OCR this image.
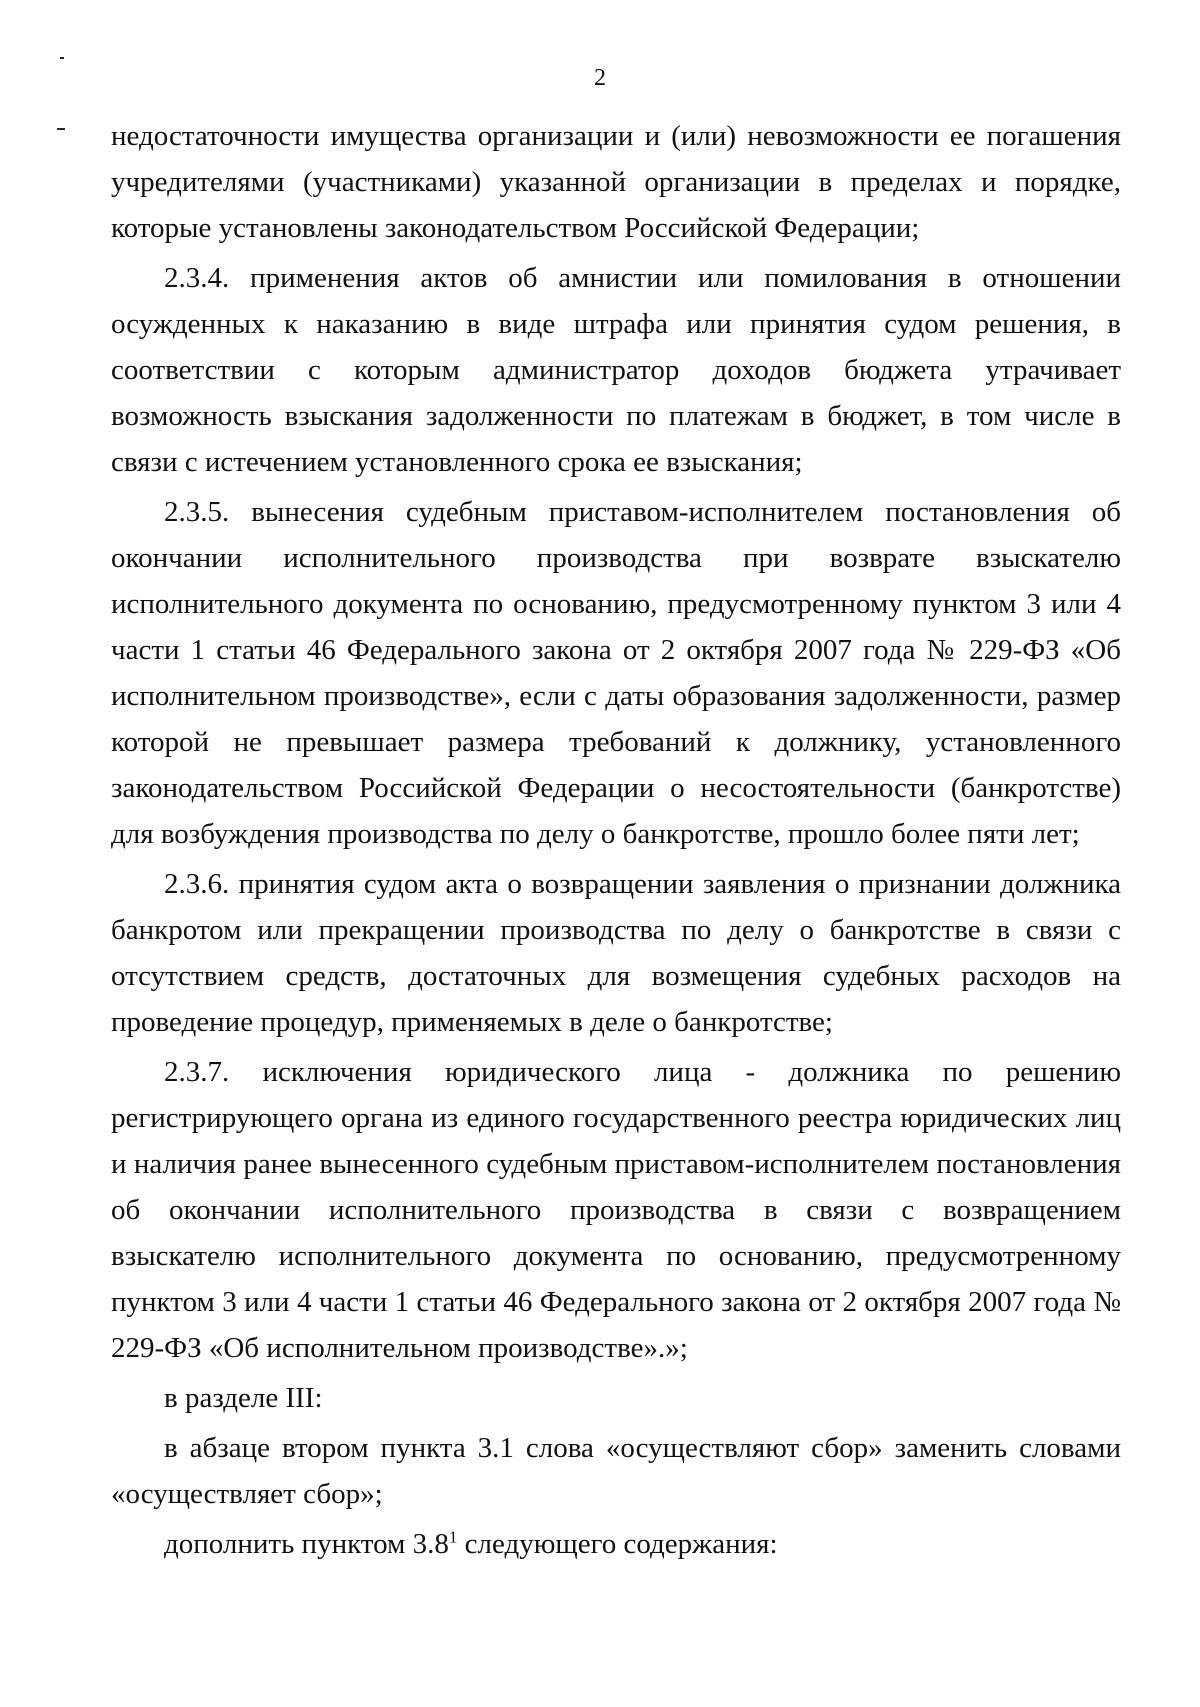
2

недостаточности имущества организации и (или) невозможности ее погашения учредителями (участниками) указанной организации в пределах и порядке, которые установлены законодательством Российской Федерации;

2.3.4. применения актов об амнистии или помилования в отношении осужденных к наказанию в виде штрафа или принятия судом решения, в соответствии с которым администратор доходов бюджета утрачивает возможность взыскания задолженности по платежам в бюджет, в том числе в связи с истечением установленного срока ее взыскания;

2.3.5. вынесения судебным приставом-исполнителем постановления об окончании исполнительного производства при возврате взыскателю исполнительного документа по основанию, предусмотренному пунктом 3 или 4 части 1 статьи 46 Федерального закона от 2 октября 2007 года № 229-ФЗ «Об исполнительном производстве», если с даты образования задолженности, размер которой не превышает размера требований к должнику, установленного законодательством Российской Федерации о несостоятельности (банкротстве) для возбуждения производства по делу о банкротстве, прошло более пяти лет;

2.3.6. принятия судом акта о возвращении заявления о признании должника банкротом или прекращении производства по делу о банкротстве в связи с отсутствием средств, достаточных для возмещения судебных расходов на проведение процедур, применяемых в деле о банкротстве;

2.3.7. исключения юридического лица - должника по решению регистрирующего органа из единого государственного реестра юридических лиц и наличия ранее вынесенного судебным приставом-исполнителем постановления об окончании исполнительного производства в связи с возвращением взыскателю исполнительного документа по основанию, предусмотренному пунктом 3 или 4 части 1 статьи 46 Федерального закона от 2 октября 2007 года № 229-ФЗ «Об исполнительном производстве».»;

в разделе III:

в абзаце втором пункта 3.1 слова «осуществляют сбор» заменить словами «осуществляет сбор»;

дополнить пунктом $3.8^1$ следующего содержания:
